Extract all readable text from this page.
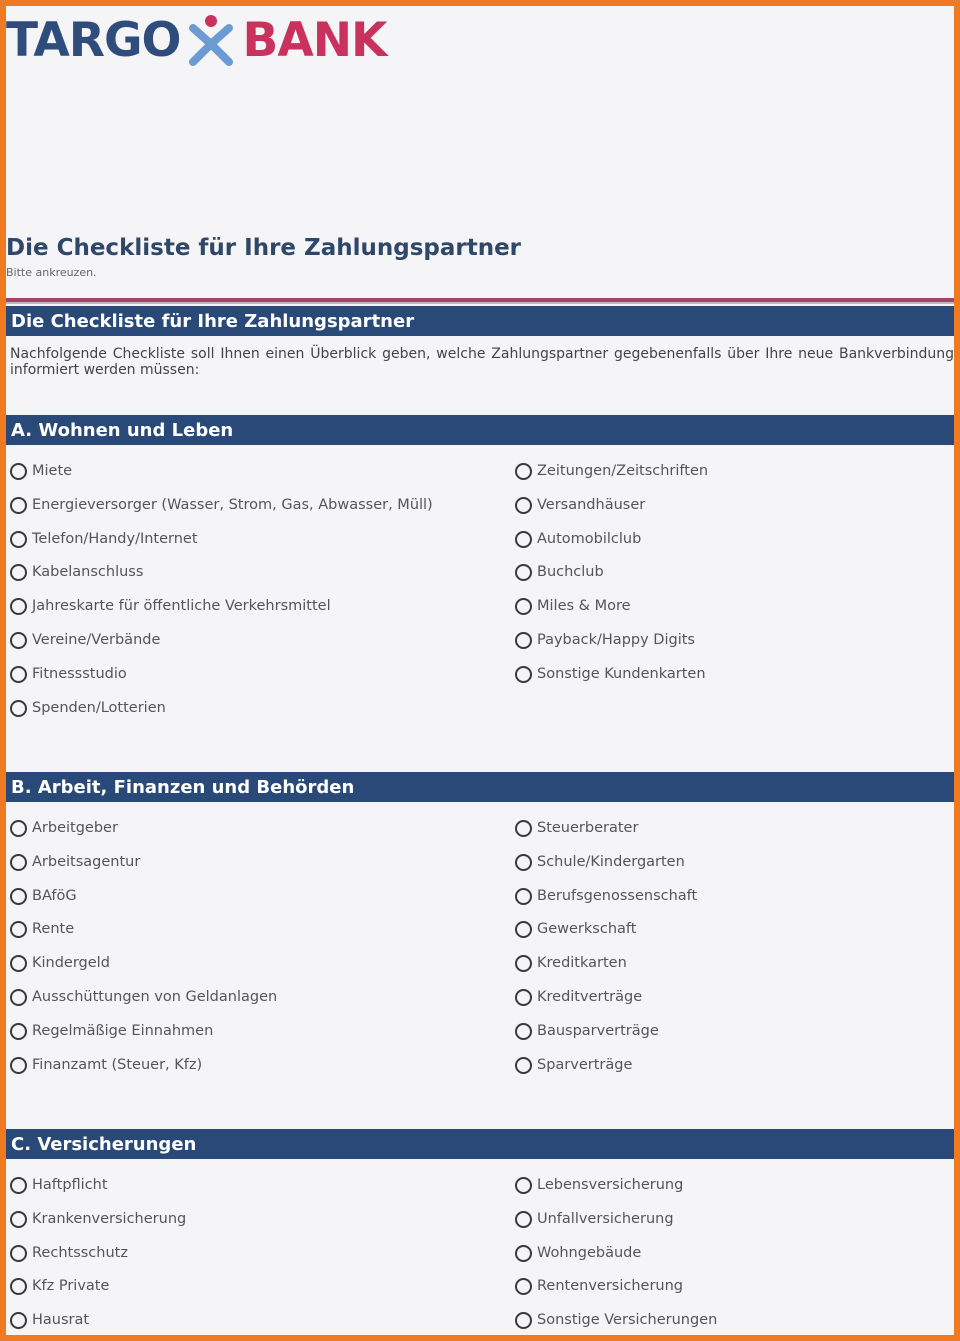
TARGO BANK
Die Checkliste für Ihre Zahlungspartner
Bitte ankreuzen.
Die Checkliste für Ihre Zahlungspartner
Nachfolgende Checkliste soll Ihnen einen Überblick geben, welche Zahlungspartner gegebenenfalls über Ihre neue Bankverbindung informiert werden müssen:
A. Wohnen und Leben
Miete
Energieversorger (Wasser, Strom, Gas, Abwasser, Müll)
Telefon/Handy/Internet
Kabelanschluss
Jahreskarte für öffentliche Verkehrsmittel
Vereine/Verbände
Fitnessstudio
Spenden/Lotterien
Zeitungen/Zeitschriften
Versandhäuser
Automobilclub
Buchclub
Miles & More
Payback/Happy Digits
Sonstige Kundenkarten
B. Arbeit, Finanzen und Behörden
Arbeitgeber
Arbeitsagentur
BAföG
Rente
Kindergeld
Ausschüttungen von Geldanlagen
Regelmäßige Einnahmen
Finanzamt (Steuer, Kfz)
Steuerberater
Schule/Kindergarten
Berufsgenossenschaft
Gewerkschaft
Kreditkarten
Kreditverträge
Bausparverträge
Sparverträge
C. Versicherungen
Haftpflicht
Krankenversicherung
Rechtsschutz
Kfz Private
Hausrat
Lebensversicherung
Unfallversicherung
Wohngebäude
Rentenversicherung
Sonstige Versicherungen
